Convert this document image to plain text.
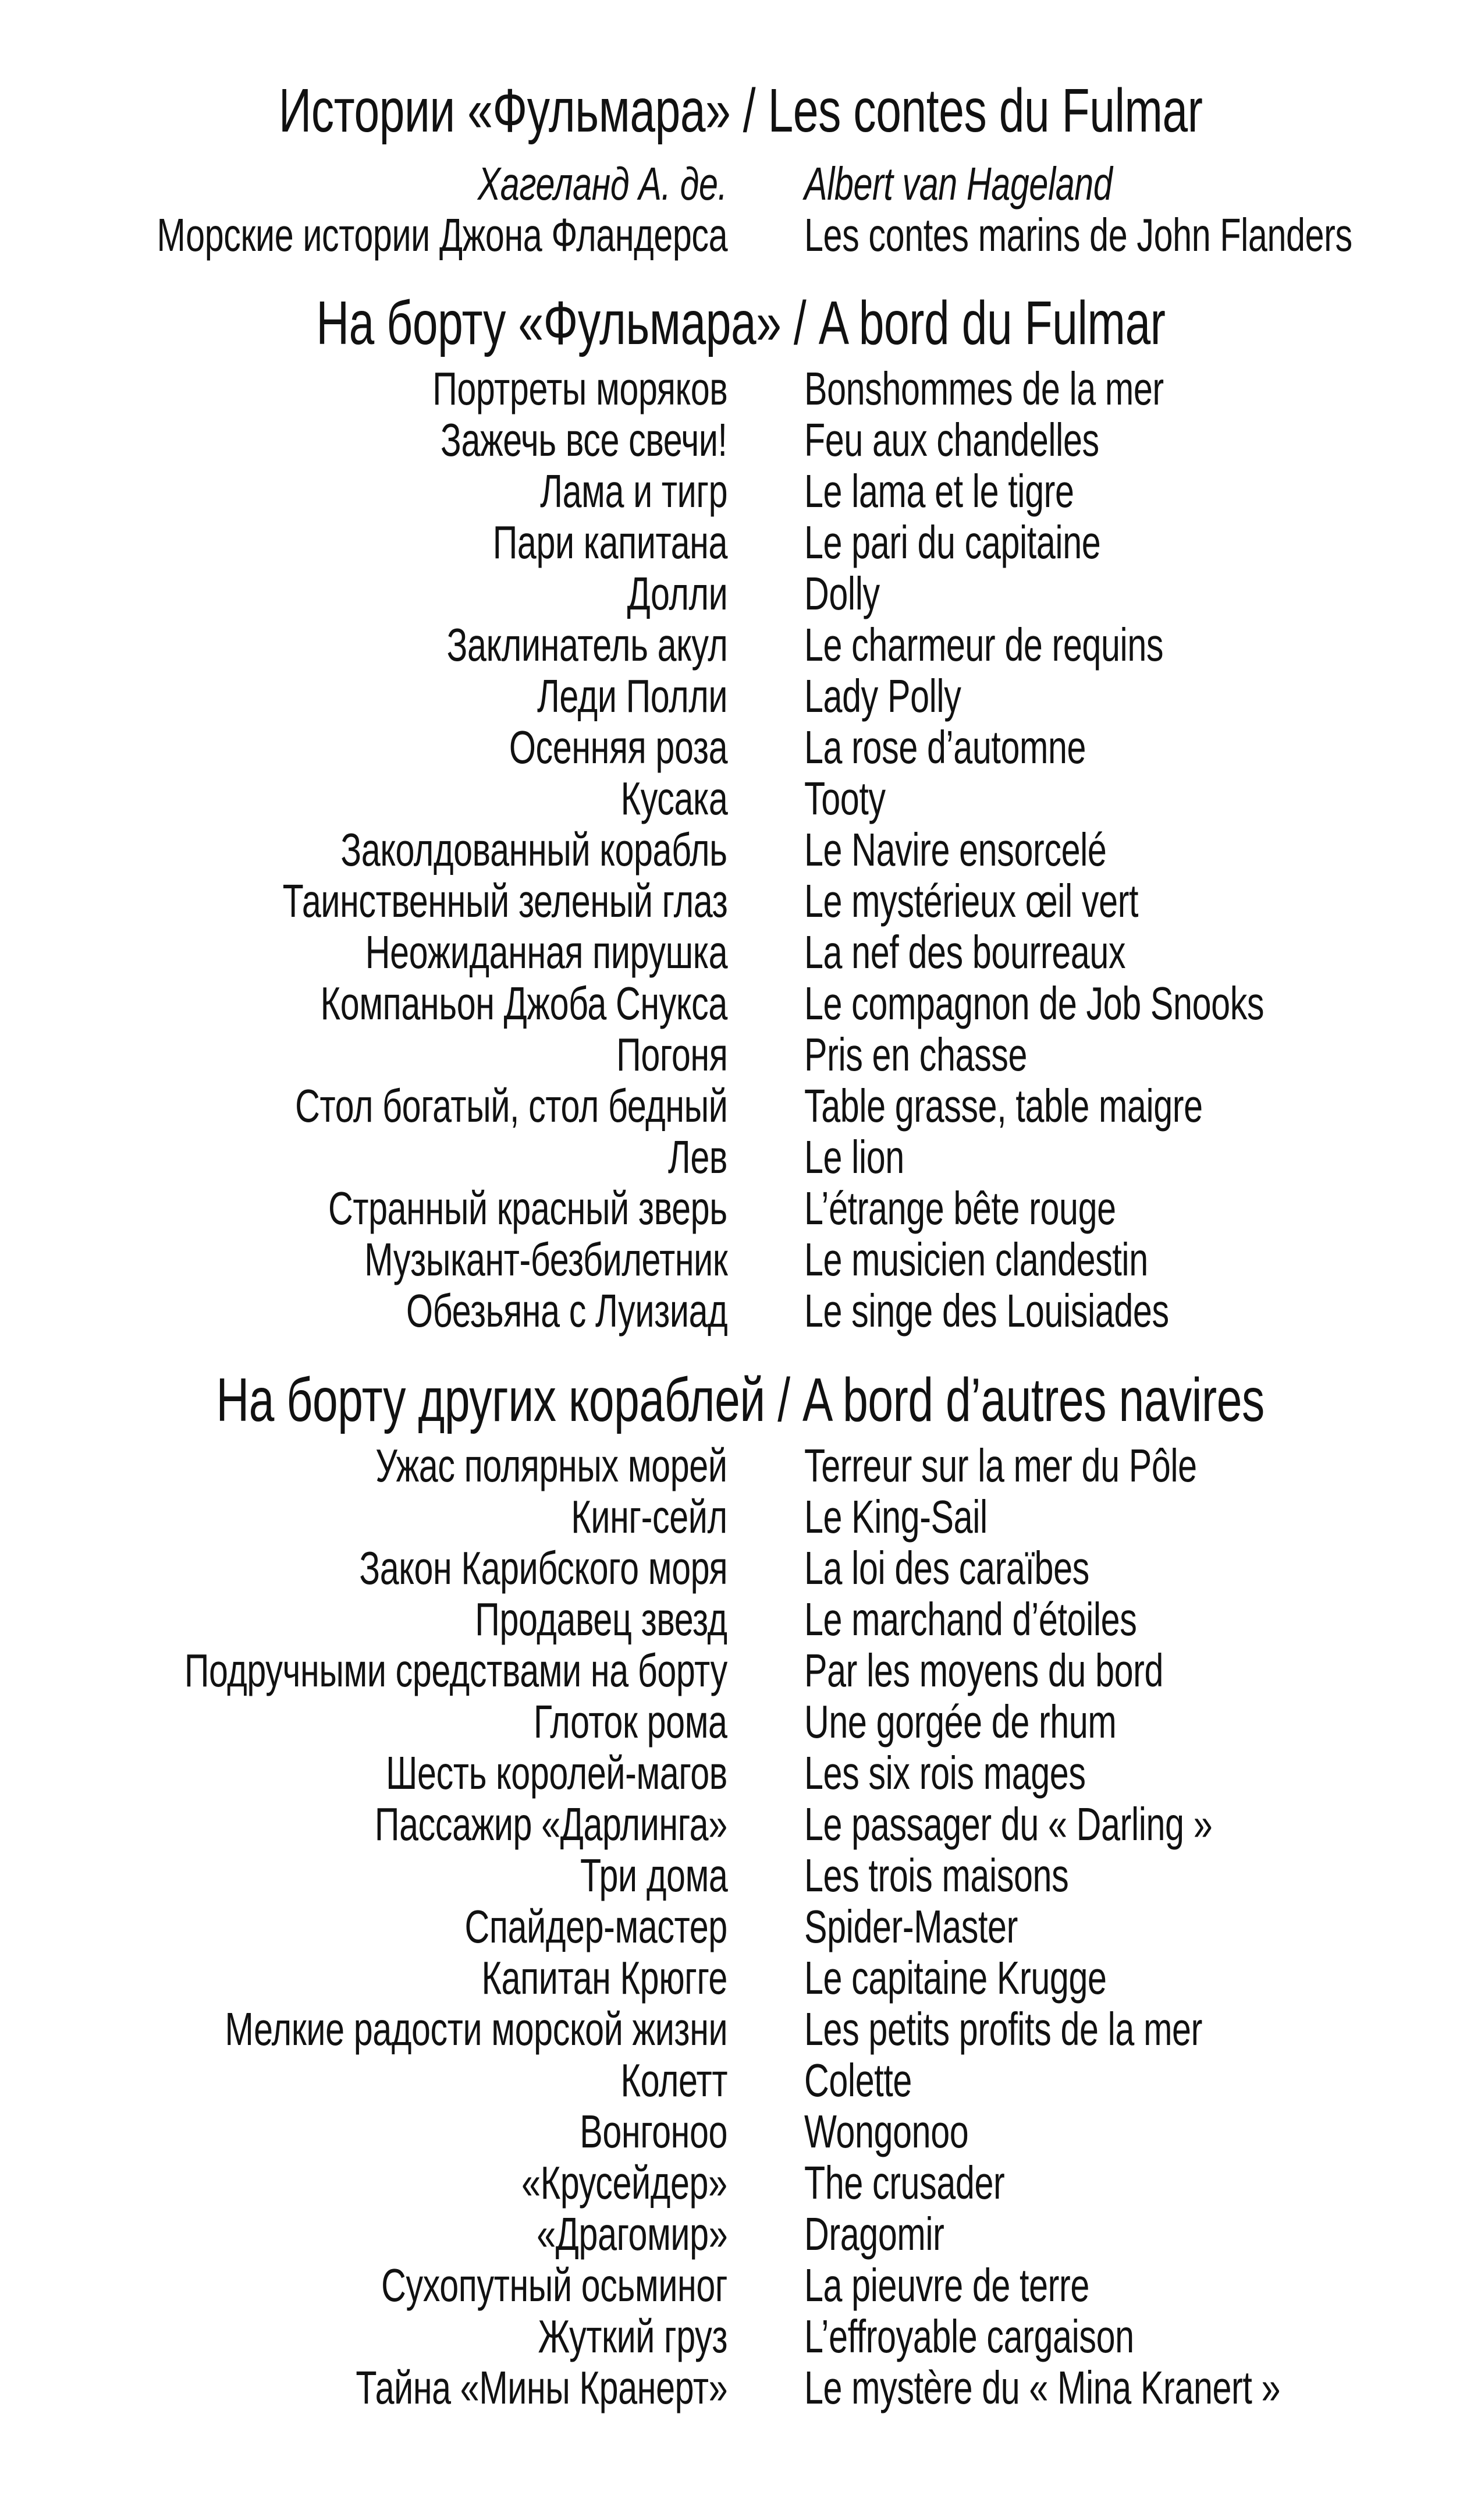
Истории «Фульмара» / Les contes du Fulmar
Хагеланд А. де. Albert van Hageland
Морские истории Джона Фландерса Les contes marins de John Flanders
На борту «Фульмара» / A bord du Fulmar
Портреты моряков Bonshommes de la mer
Зажечь все свечи! Feu aux chandelles
Лама и тигр Le lama et le tigre
Пари капитана Le pari du capitaine
Долли Dolly
Заклинатель акул Le charmeur de requins
Леди Полли Lady Polly
Осенняя роза La rose d’automne
Кусака Tooty
Заколдованный корабль Le Navire ensorcelé
Таинственный зеленый глаз Le mystérieux œil vert
Неожиданная пирушка La nef des bourreaux
Компаньон Джоба Снукса Le compagnon de Job Snooks
Погоня Pris en chasse
Стол богатый, стол бедный Table grasse, table maigre
Лев Le lion
Странный красный зверь L’étrange bête rouge
Музыкант-безбилетник Le musicien clandestin
Обезьяна с Луизиад Le singe des Louisiades
На борту других кораблей / A bord d’autres navires
Ужас полярных морей Terreur sur la mer du Pôle
Кинг-сейл Le King-Sail
Закон Карибского моря La loi des caraïbes
Продавец звезд Le marchand d’étoiles
Подручными средствами на борту Par les moyens du bord
Глоток рома Une gorgée de rhum
Шесть королей-магов Les six rois mages
Пассажир «Дарлинга» Le passager du « Darling »
Три дома Les trois maisons
Спайдер-мастер Spider-Master
Капитан Крюгге Le capitaine Krugge
Мелкие радости морской жизни Les petits profits de la mer
Колетт Colette
Вонгоноо Wongonoo
«Крусейдер» The crusader
«Драгомир» Dragomir
Сухопутный осьминог La pieuvre de terre
Жуткий груз L’effroyable cargaison
Тайна «Мины Кранерт» Le mystère du « Mina Kranert »
